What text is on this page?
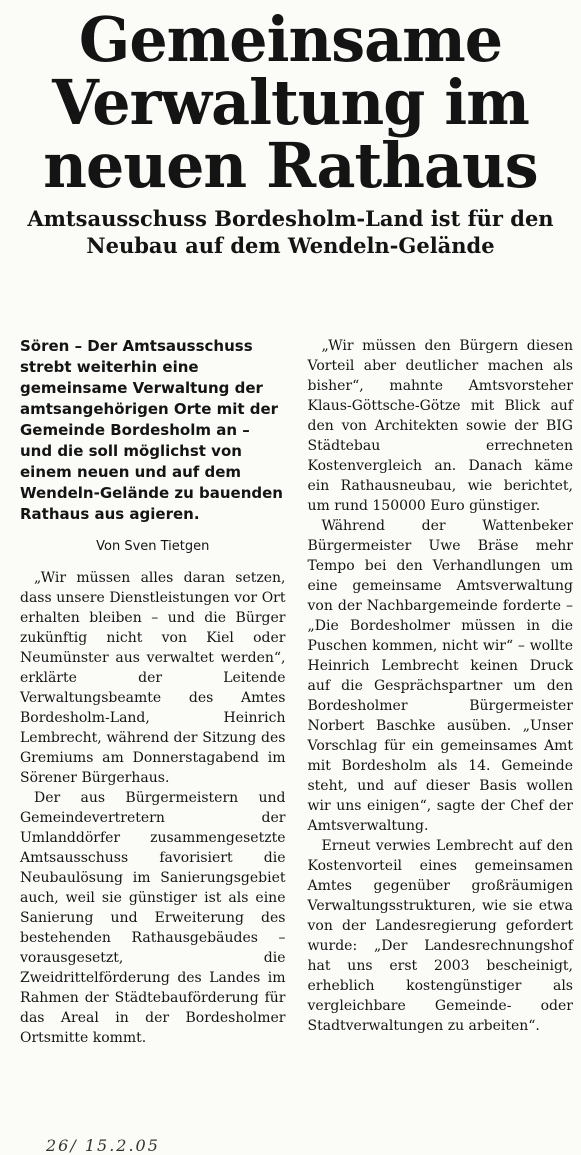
Gemeinsame
Verwaltung im
neuen Rathaus
Amtsausschuss Bordesholm-Land ist für den Neubau auf dem Wendeln-Gelände

Sören – Der Amtsausschuss strebt weiterhin eine gemeinsame Verwaltung der amtsangehörigen Orte mit der Gemeinde Bordesholm an – und die soll möglichst von einem neuen und auf dem Wendeln-Gelände zu bauenden Rathaus aus agieren.

Von Sven Tietgen

„Wir müssen alles daran setzen, dass unsere Dienstleistungen vor Ort erhalten bleiben – und die Bürger zukünftig nicht von Kiel oder Neumünster aus verwaltet werden“, erklärte der Leitende Verwaltungsbeamte des Amtes Bordesholm-Land, Heinrich Lembrecht, während der Sitzung des Gremiums am Donnerstagabend im Sörener Bürgerhaus.

Der aus Bürgermeistern und Gemeindevertretern der Umlanddörfer zusammengesetzte Amtsausschuss favorisiert die Neubaulösung im Sanierungsgebiet auch, weil sie günstiger ist als eine Sanierung und Erweiterung des bestehenden Rathausgebäudes – vorausgesetzt, die Zweidrittelförderung des Landes im Rahmen der Städtebauförderung für das Areal in der Bordesholmer Ortsmitte kommt.

„Wir müssen den Bürgern diesen Vorteil aber deutlicher machen als bisher“, mahnte Amtsvorsteher Klaus-Göttsche-Götze mit Blick auf den von Architekten sowie der BIG Städtebau errechneten Kostenvergleich an. Danach käme ein Rathausneubau, wie berichtet, um rund 150000 Euro günstiger.

Während der Wattenbeker Bürgermeister Uwe Bräse mehr Tempo bei den Verhandlungen um eine gemeinsame Amtsverwaltung von der Nachbargemeinde forderte – „Die Bordesholmer müssen in die Puschen kommen, nicht wir“ – wollte Heinrich Lembrecht keinen Druck auf die Gesprächspartner um den Bordesholmer Bürgermeister Norbert Baschke ausüben. „Unser Vorschlag für ein gemeinsames Amt mit Bordesholm als 14. Gemeinde steht, und auf dieser Basis wollen wir uns einigen“, sagte der Chef der Amtsverwaltung.

Erneut verwies Lembrecht auf den Kostenvorteil eines gemeinsamen Amtes gegenüber großräumigen Verwaltungsstrukturen, wie sie etwa von der Landesregierung gefordert wurde: „Der Landesrechnungshof hat uns erst 2003 bescheinigt, erheblich kostengünstiger als vergleichbare Gemeinde- oder Stadtverwaltungen zu arbeiten“.

26/ 15.2.05
